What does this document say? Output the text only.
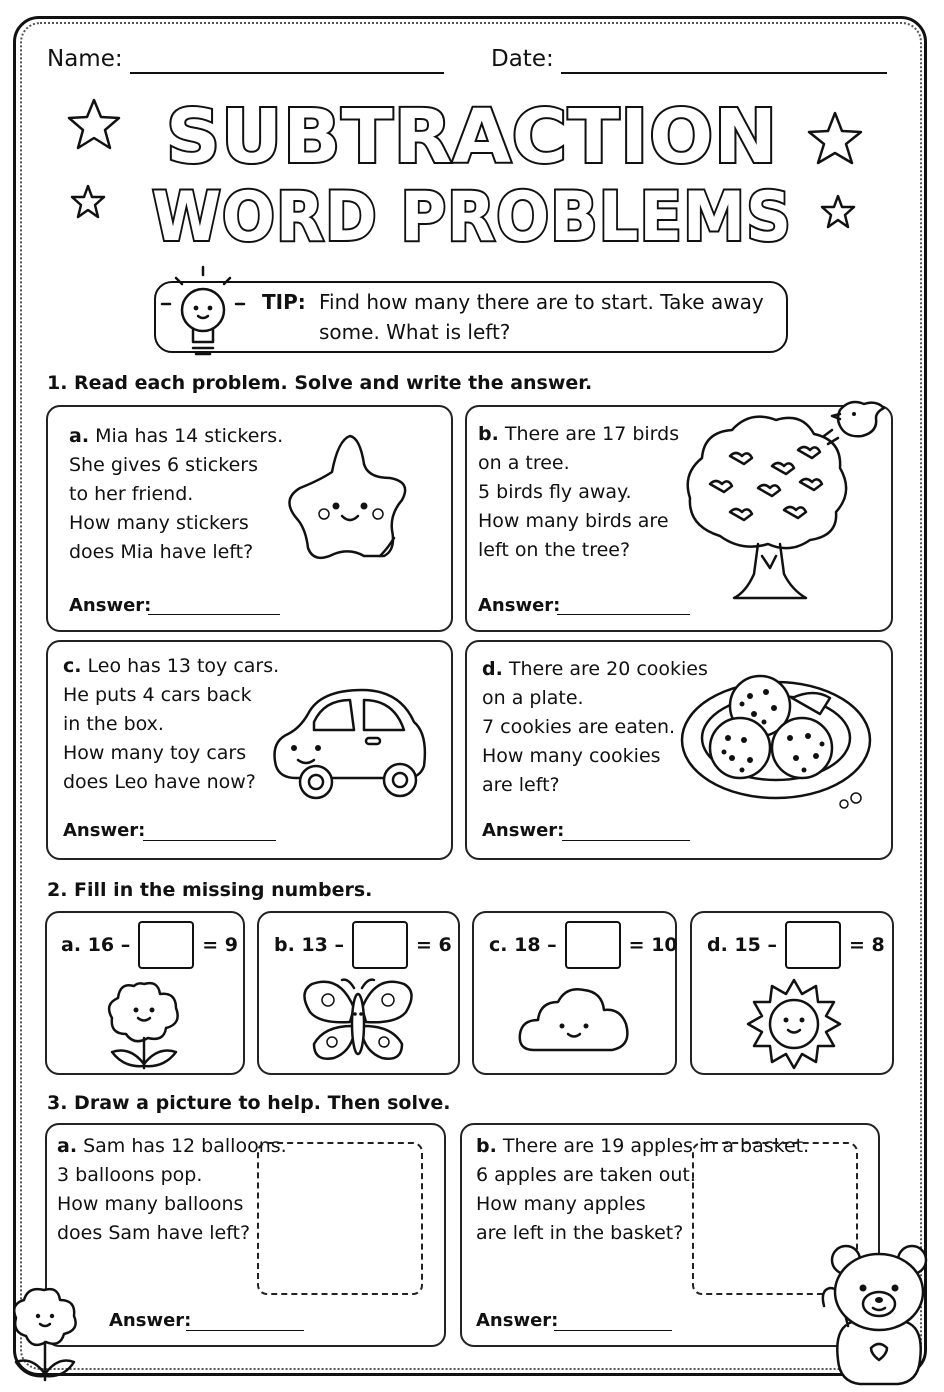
Name:	Date:
SUBTRACTION
WORD PROBLEMS
TIP: Find how many there are to start. Take away
some. What is left?
1. Read each problem. Solve and write the answer.
a. Mia has 14 stickers.
She gives 6 stickers
to her friend.
How many stickers
does Mia have left?
Answer:
b. There are 17 birds
on a tree.
5 birds fly away.
How many birds are
left on the tree?
Answer:
c. Leo has 13 toy cars.
He puts 4 cars back
in the box.
How many toy cars
does Leo have now?
Answer:
d. There are 20 cookies
on a plate.
7 cookies are eaten.
How many cookies
are left?
Answer:
2. Fill in the missing numbers.
a. 16 –	= 9 b. 13 –	= 6 c. 18 –	= 10 d. 15 –	= 8
3. Draw a picture to help. Then solve.
a. Sam has 12 balloons.
3 balloons pop.
How many balloons
does Sam have left?
Answer:
b. There are 19 apples in a basket.
6 apples are taken out.
How many apples
are left in the basket?
Answer:
